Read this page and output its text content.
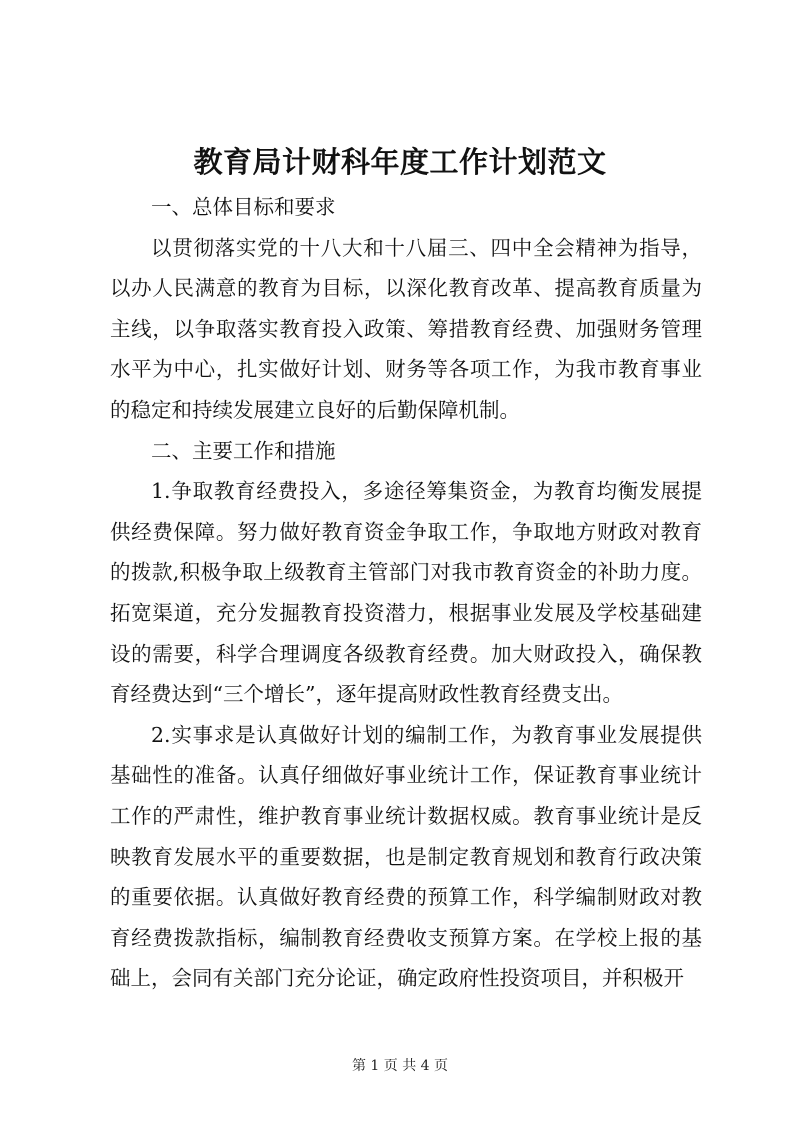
教育局计财科年度工作计划范文

一、总体目标和要求

以贯彻落实党的十八大和十八届三、四中全会精神为指导，以办人民满意的教育为目标，以深化教育改革、提高教育质量为主线，以争取落实教育投入政策、筹措教育经费、加强财务管理水平为中心，扎实做好计划、财务等各项工作，为我市教育事业的稳定和持续发展建立良好的后勤保障机制。

二、主要工作和措施

1.争取教育经费投入，多途径筹集资金，为教育均衡发展提供经费保障。努力做好教育资金争取工作，争取地方财政对教育的拨款,积极争取上级教育主管部门对我市教育资金的补助力度。拓宽渠道，充分发掘教育投资潜力，根据事业发展及学校基础建设的需要，科学合理调度各级教育经费。加大财政投入，确保教育经费达到“三个增长”，逐年提高财政性教育经费支出。

2.实事求是认真做好计划的编制工作，为教育事业发展提供基础性的准备。认真仔细做好事业统计工作，保证教育事业统计工作的严肃性，维护教育事业统计数据权威。教育事业统计是反映教育发展水平的重要数据，也是制定教育规划和教育行政决策的重要依据。认真做好教育经费的预算工作，科学编制财政对教育经费拨款指标，编制教育经费收支预算方案。在学校上报的基础上，会同有关部门充分论证，确定政府性投资项目，并积极开

第 1 页 共 4 页
